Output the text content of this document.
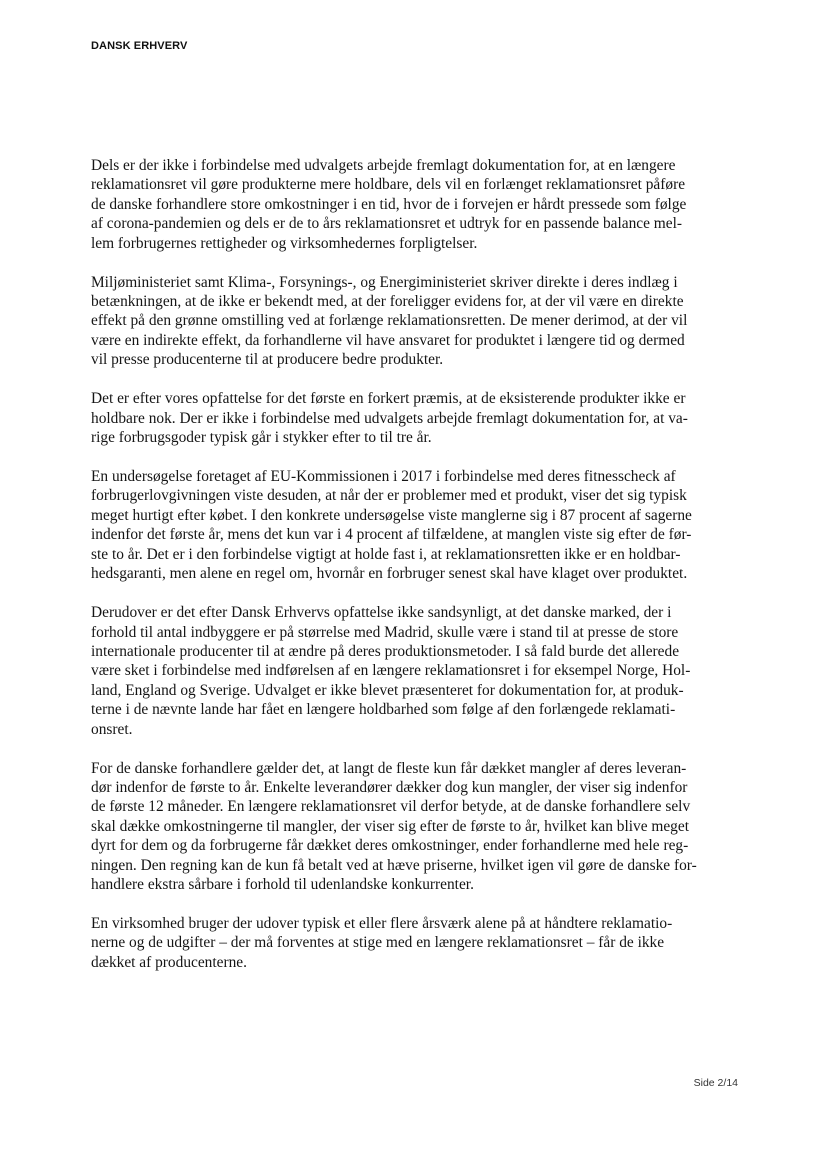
DANSK ERHVERV
Dels er der ikke i forbindelse med udvalgets arbejde fremlagt dokumentation for, at en længere
reklamationsret vil gøre produkterne mere holdbare, dels vil en forlænget reklamationsret påføre
de danske forhandlere store omkostninger i en tid, hvor de i forvejen er hårdt pressede som følge
af corona-pandemien og dels er de to års reklamationsret et udtryk for en passende balance mel-
lem forbrugernes rettigheder og virksomhedernes forpligtelser.
Miljøministeriet samt Klima-, Forsynings-, og Energiministeriet skriver direkte i deres indlæg i
betænkningen, at de ikke er bekendt med, at der foreligger evidens for, at der vil være en direkte
effekt på den grønne omstilling ved at forlænge reklamationsretten. De mener derimod, at der vil
være en indirekte effekt, da forhandlerne vil have ansvaret for produktet i længere tid og dermed
vil presse producenterne til at producere bedre produkter.
Det er efter vores opfattelse for det første en forkert præmis, at de eksisterende produkter ikke er
holdbare nok. Der er ikke i forbindelse med udvalgets arbejde fremlagt dokumentation for, at va-
rige forbrugsgoder typisk går i stykker efter to til tre år.
En undersøgelse foretaget af EU-Kommissionen i 2017 i forbindelse med deres fitnesscheck af
forbrugerlovgivningen viste desuden, at når der er problemer med et produkt, viser det sig typisk
meget hurtigt efter købet. I den konkrete undersøgelse viste manglerne sig i 87 procent af sagerne
indenfor det første år, mens det kun var i 4 procent af tilfældene, at manglen viste sig efter de før-
ste to år. Det er i den forbindelse vigtigt at holde fast i, at reklamationsretten ikke er en holdbar-
hedsgaranti, men alene en regel om, hvornår en forbruger senest skal have klaget over produktet.
Derudover er det efter Dansk Erhvervs opfattelse ikke sandsynligt, at det danske marked, der i
forhold til antal indbyggere er på størrelse med Madrid, skulle være i stand til at presse de store
internationale producenter til at ændre på deres produktionsmetoder. I så fald burde det allerede
være sket i forbindelse med indførelsen af en længere reklamationsret i for eksempel Norge, Hol-
land, England og Sverige. Udvalget er ikke blevet præsenteret for dokumentation for, at produk-
terne i de nævnte lande har fået en længere holdbarhed som følge af den forlængede reklamati-
onsret.
For de danske forhandlere gælder det, at langt de fleste kun får dækket mangler af deres leveran-
dør indenfor de første to år. Enkelte leverandører dækker dog kun mangler, der viser sig indenfor
de første 12 måneder. En længere reklamationsret vil derfor betyde, at de danske forhandlere selv
skal dække omkostningerne til mangler, der viser sig efter de første to år, hvilket kan blive meget
dyrt for dem og da forbrugerne får dækket deres omkostninger, ender forhandlerne med hele reg-
ningen. Den regning kan de kun få betalt ved at hæve priserne, hvilket igen vil gøre de danske for-
handlere ekstra sårbare i forhold til udenlandske konkurrenter.
En virksomhed bruger der udover typisk et eller flere årsværk alene på at håndtere reklamatio-
nerne og de udgifter – der må forventes at stige med en længere reklamationsret – får de ikke
dækket af producenterne.
Side 2/14
